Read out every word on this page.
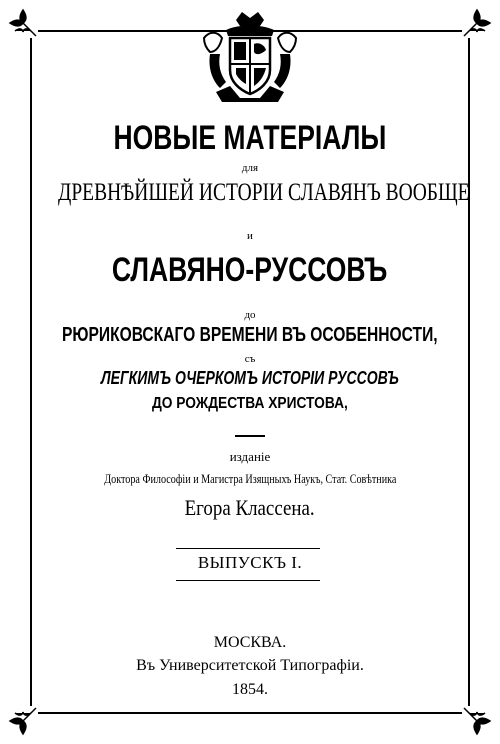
НОВЫЕ МАТЕРІАЛЫ
для
ДРЕВНѢЙШЕЙ ИСТОРІИ СЛАВЯНЪ ВООБЩЕ
и
СЛАВЯНО-РУССОВЪ
до
РЮРИКОВСКАГО ВРЕМЕНИ ВЪ ОСОБЕННОСТИ,
съ
ЛЕГКИМЪ ОЧЕРКОМЪ ИСТОРІИ РУССОВЪ
ДО РОЖДЕСТВА ХРИСТОВА,
изданіе
Доктора Философіи и Магистра Изящныхъ Наукъ, Стат. Совѣтника
Егора Классена.
ВЫПУСКЪ I.
МОСКВА.
Въ Университетской Типографіи.
1854.
